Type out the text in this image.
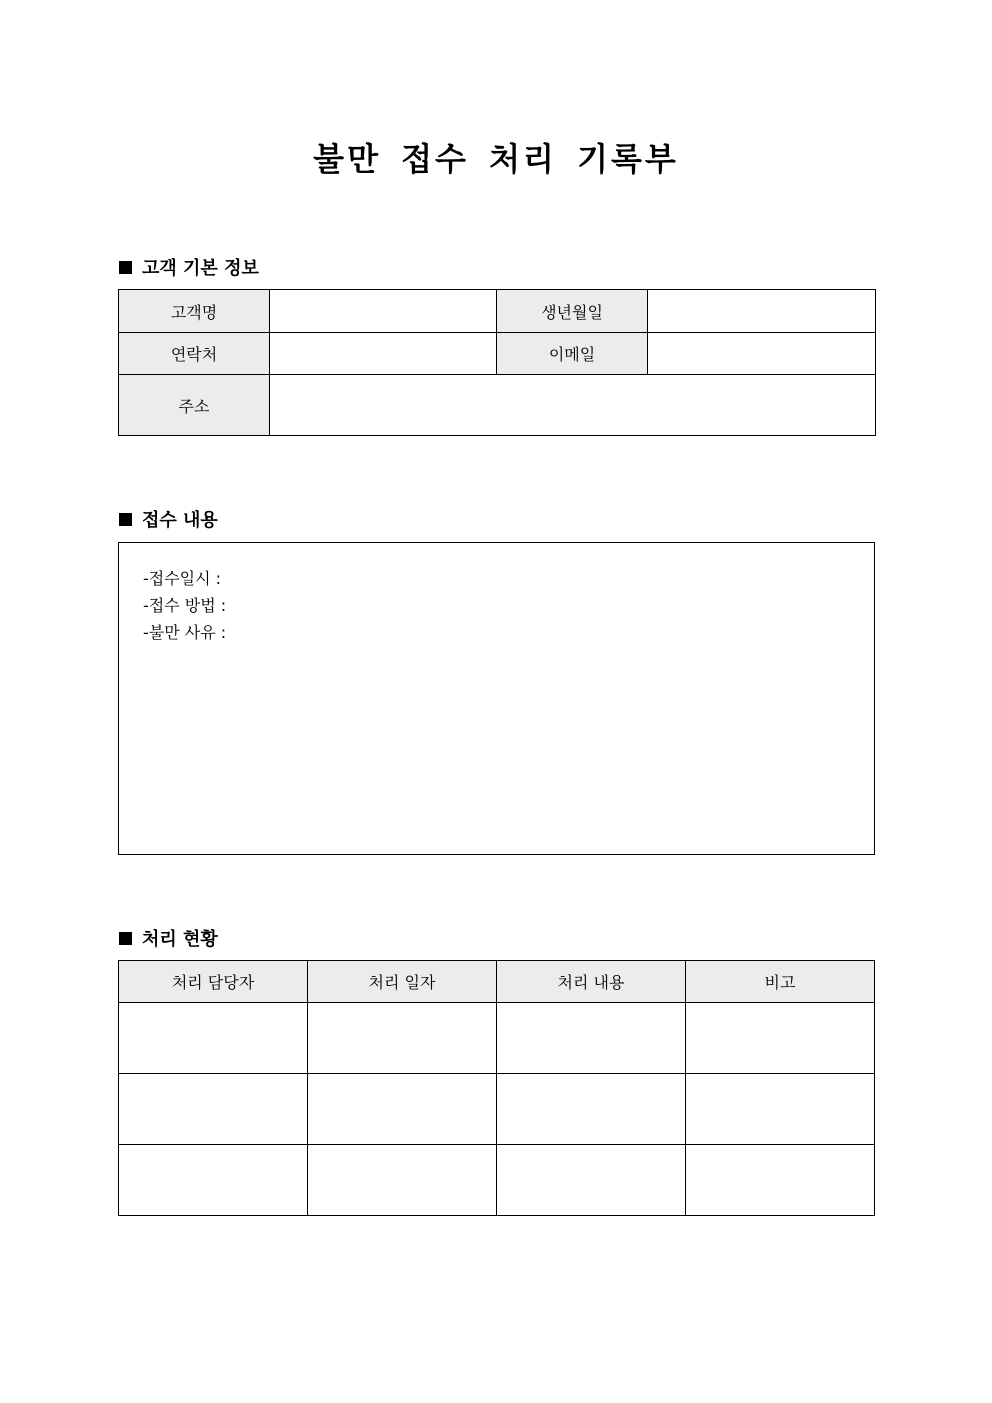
불만 접수 처리 기록부
고객 기본 정보
고객명		생년월일	
연락처		이메일	
주소			
접수 내용
-접수일시 :
-접수 방법 :
-불만 사유 :
처리 현황
처리 담당자	처리 일자	처리 내용	비고
